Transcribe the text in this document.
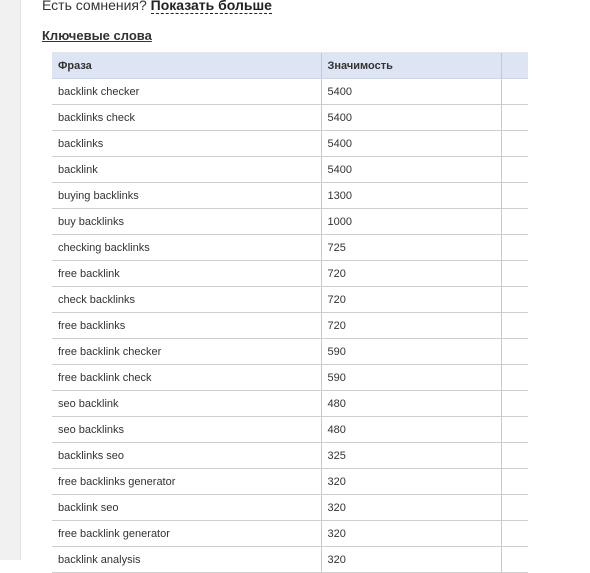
Есть сомнения? Показать больше
Ключевые слова
Фраза	Значимость	
backlink checker	5400	
backlinks check	5400	
backlinks	5400	
backlink	5400	
buying backlinks	1300	
buy backlinks	1000	
checking backlinks	725	
free backlink	720	
check backlinks	720	
free backlinks	720	
free backlink checker	590	
free backlink check	590	
seo backlink	480	
seo backlinks	480	
backlinks seo	325	
free backlinks generator	320	
backlink seo	320	
free backlink generator	320	
backlink analysis	320	
